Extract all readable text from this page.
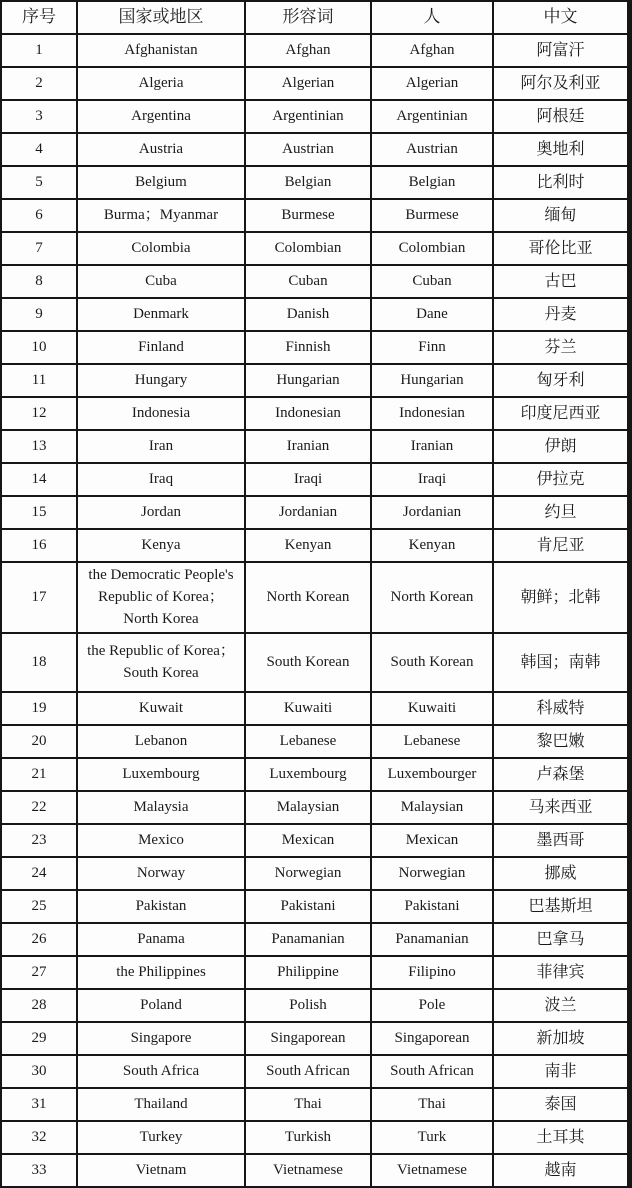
序号	国家或地区	形容词	人	中文
1	Afghanistan	Afghan	Afghan	阿富汗
2	Algeria	Algerian	Algerian	阿尔及利亚
3	Argentina	Argentinian	Argentinian	阿根廷
4	Austria	Austrian	Austrian	奥地利
5	Belgium	Belgian	Belgian	比利时
6	Burma；Myanmar	Burmese	Burmese	缅甸
7	Colombia	Colombian	Colombian	哥伦比亚
8	Cuba	Cuban	Cuban	古巴
9	Denmark	Danish	Dane	丹麦
10	Finland	Finnish	Finn	芬兰
11	Hungary	Hungarian	Hungarian	匈牙利
12	Indonesia	Indonesian	Indonesian	印度尼西亚
13	Iran	Iranian	Iranian	伊朗
14	Iraq	Iraqi	Iraqi	伊拉克
15	Jordan	Jordanian	Jordanian	约旦
16	Kenya	Kenyan	Kenyan	肯尼亚
17	the Democratic People's Republic of Korea；North Korea	North Korean	North Korean	朝鲜；北韩
18	the Republic of Korea；South Korea	South Korean	South Korean	韩国；南韩
19	Kuwait	Kuwaiti	Kuwaiti	科威特
20	Lebanon	Lebanese	Lebanese	黎巴嫩
21	Luxembourg	Luxembourg	Luxembourger	卢森堡
22	Malaysia	Malaysian	Malaysian	马来西亚
23	Mexico	Mexican	Mexican	墨西哥
24	Norway	Norwegian	Norwegian	挪威
25	Pakistan	Pakistani	Pakistani	巴基斯坦
26	Panama	Panamanian	Panamanian	巴拿马
27	the Philippines	Philippine	Filipino	菲律宾
28	Poland	Polish	Pole	波兰
29	Singapore	Singaporean	Singaporean	新加坡
30	South Africa	South African	South African	南非
31	Thailand	Thai	Thai	泰国
32	Turkey	Turkish	Turk	土耳其
33	Vietnam	Vietnamese	Vietnamese	越南
